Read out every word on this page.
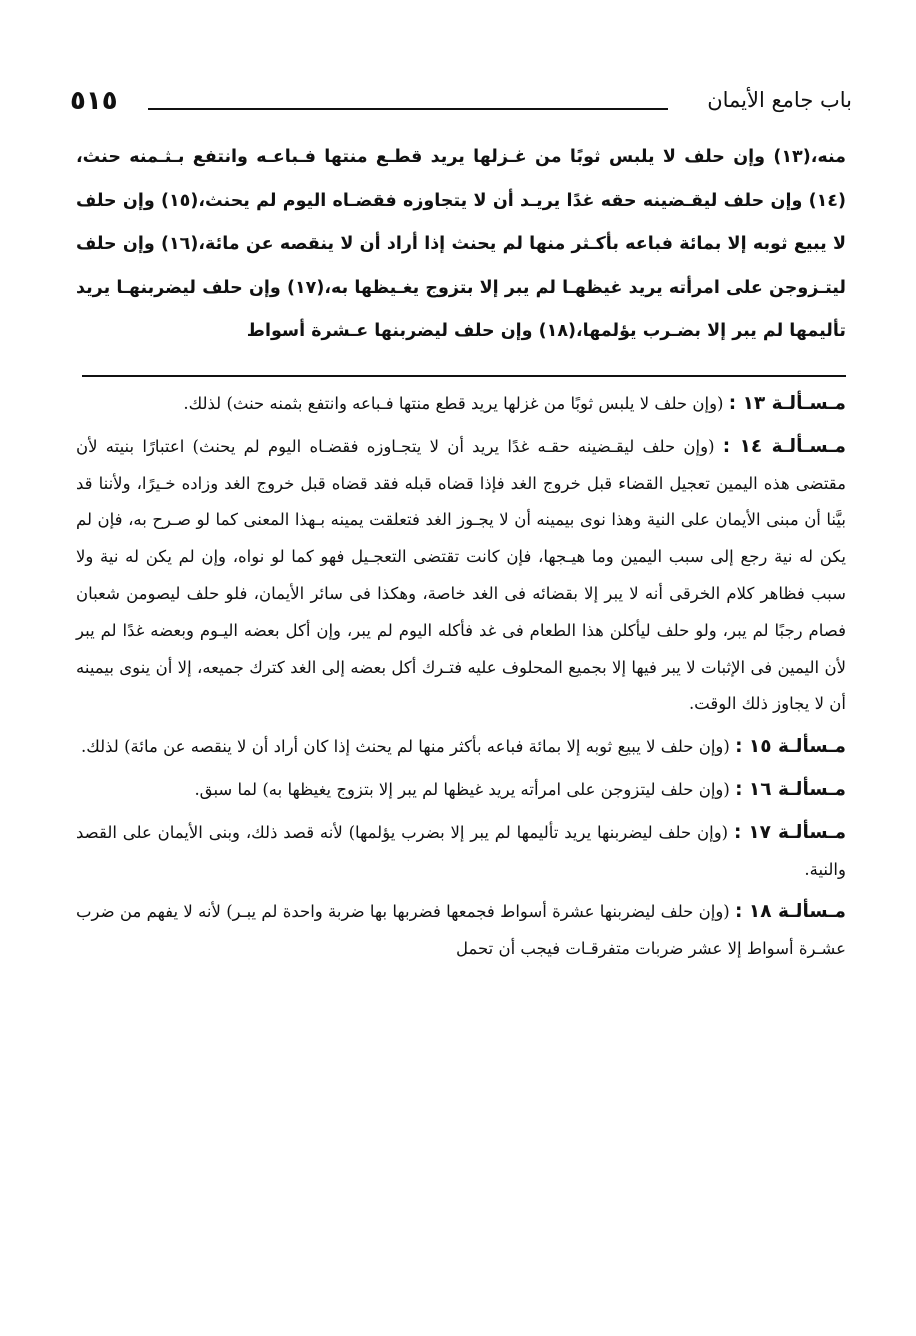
٥١٥	باب جامع الأيمان

منه،(١٣) وإن حلف لا يلبس ثوبًا من غـزلها يريد قطـع منتها فـباعـه وانتفع بـثـمنه حنث، (١٤) وإن حلف ليقـضينه حقه غدًا يريـد أن لا يتجاوزه فقضـاه اليوم لم يحنث،(١٥) وإن حلف لا يبيع ثوبه إلا بمائة فباعه بأكـثر منها لم يحنث إذا أراد أن لا ينقصه عن مائة،(١٦) وإن حلف ليتـزوجن على امرأته يريد غيظهـا لم يبر إلا بتزوج يغـيظها به،(١٧) وإن حلف ليضربنهـا يريد تأليمها لم يبر إلا بضـرب يؤلمها،(١٨) وإن حلف ليضربنها عـشرة أسواط

مـسـألـة ١٣ : (وإن حلف لا يلبس ثوبًا من غزلها يريد قطع منتها فـباعه وانتفع بثمنه حنث) لذلك.

مـسـألـة ١٤ : (وإن حلف ليقـضينه حقـه غدًا يريد أن لا يتجـاوزه فقضـاه اليوم لم يحنث) اعتبارًا بنيته لأن مقتضى هذه اليمين تعجيل القضاء قبل خروج الغد فإذا قضاه قبله فقد قضاه قبل خروج الغد وزاده خـيرًا، ولأننا قد بيَّنا أن مبنى الأيمان على النية وهذا نوى بيمينه أن لا يجـوز الغد فتعلقت يمينه بـهذا المعنى كما لو صـرح به، فإن لم يكن له نية رجع إلى سبب اليمين وما هيـجها، فإن كانت تقتضى التعجـيل فهو كما لو نواه، وإن لم يكن له نية ولا سبب فظاهر كلام الخرقى أنه لا يبر إلا بقضائه فى الغد خاصة، وهكذا فى سائر الأيمان، فلو حلف ليصومن شعبان فصام رجبًا لم يبر، ولو حلف ليأكلن هذا الطعام فى غد فأكله اليوم لم يبر، وإن أكل بعضه اليـوم وبعضه غدًا لم يبر لأن اليمين فى الإثبات لا يبر فيها إلا بجميع المحلوف عليه فتـرك أكل بعضه إلى الغد كترك جميعه، إلا أن ينوى بيمينه أن لا يجاوز ذلك الوقت.

مـسألـة ١٥ : (وإن حلف لا يبيع ثوبه إلا بمائة فباعه بأكثر منها لم يحنث إذا كان أراد أن لا ينقصه عن مائة) لذلك.

مـسألـة ١٦ : (وإن حلف ليتزوجن على امرأته يريد غيظها لم يبر إلا بتزوج يغيظها به) لما سبق.

مـسألـة ١٧ : (وإن حلف ليضربنها يريد تأليمها لم يبر إلا بضرب يؤلمها) لأنه قصد ذلك، وبنى الأيمان على القصد والنية.

مـسألـة ١٨ : (وإن حلف ليضربنها عشرة أسواط فجمعها فضربها بها ضربة واحدة لم يبـر) لأنه لا يفهم من ضرب عشـرة أسواط إلا عشر ضربات متفرقـات فيجب أن تحمل
